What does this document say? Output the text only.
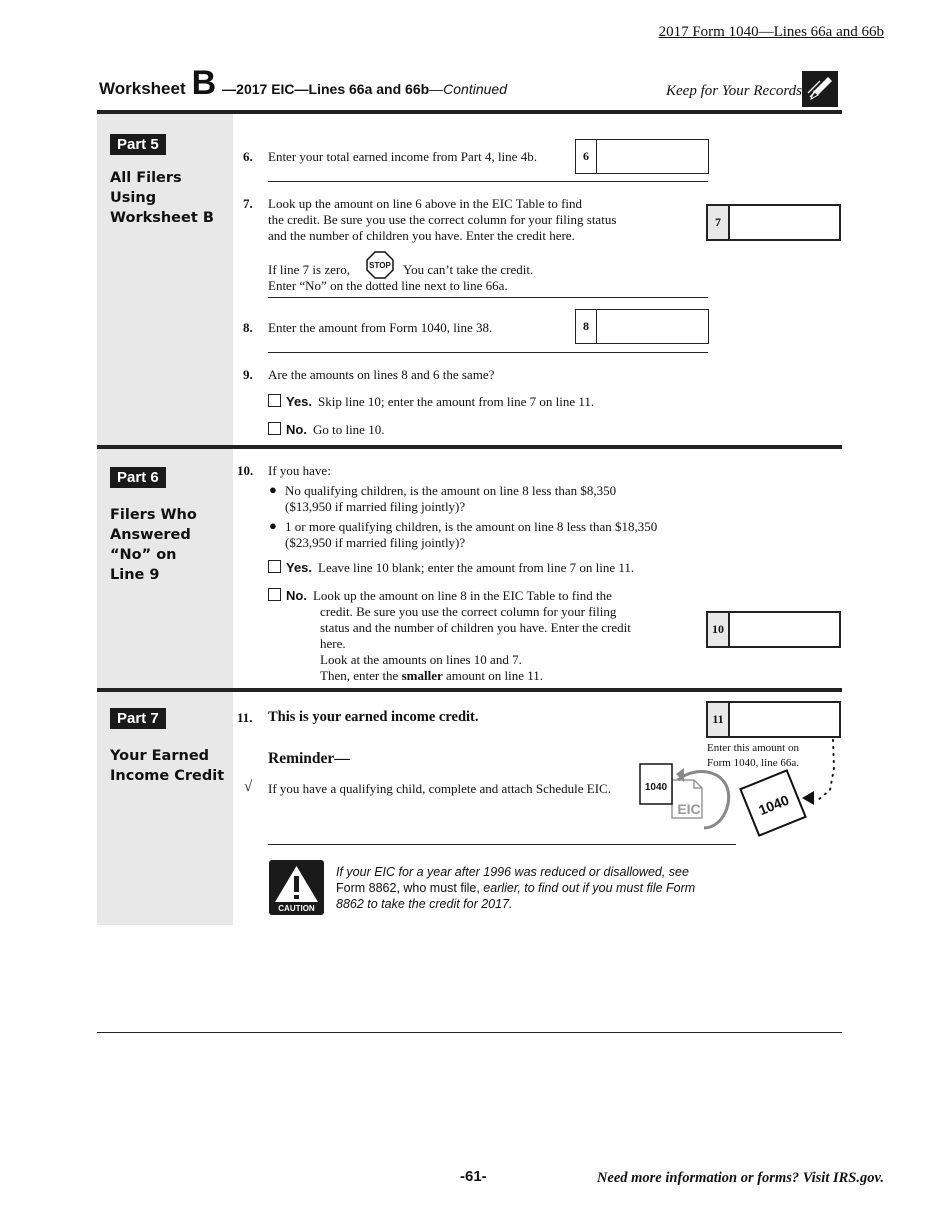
2017 Form 1040—Lines 66a and 66b
Worksheet B —2017 EIC—Lines 66a and 66b—Continued	Keep for Your Records
Part 5
All Filers Using Worksheet B
6. Enter your total earned income from Part 4, line 4b.	6
7. Look up the amount on line 6 above in the EIC Table to find
the credit. Be sure you use the correct column for your filing status
and the number of children you have. Enter the credit here.
7
If line 7 is zero, STOP You can’t take the credit.
Enter “No” on the dotted line next to line 66a.
8. Enter the amount from Form 1040, line 38.	8
9. Are the amounts on lines 8 and 6 the same?
Yes. Skip line 10; enter the amount from line 7 on line 11.
No. Go to line 10.
Part 6
Filers Who Answered “No” on Line 9
10. If you have:
● No qualifying children, is the amount on line 8 less than $8,350
($13,950 if married filing jointly)?
● 1 or more qualifying children, is the amount on line 8 less than $18,350
($23,950 if married filing jointly)?
Yes. Leave line 10 blank; enter the amount from line 7 on line 11.
No. Look up the amount on line 8 in the EIC Table to find the
credit. Be sure you use the correct column for your filing
status and the number of children you have. Enter the credit
here.
Look at the amounts on lines 10 and 7.
Then, enter the smaller amount on line 11.
10
Part 7
Your Earned Income Credit
11. This is your earned income credit.	11
Enter this amount on
Form 1040, line 66a.
Reminder—
√ If you have a qualifying child, complete and attach Schedule EIC.
EIC
1040
1040
CAUTION
If your EIC for a year after 1996 was reduced or disallowed, see
Form 8862, who must file, earlier, to find out if you must file Form
8862 to take the credit for 2017.
-61-	Need more information or forms? Visit IRS.gov.
